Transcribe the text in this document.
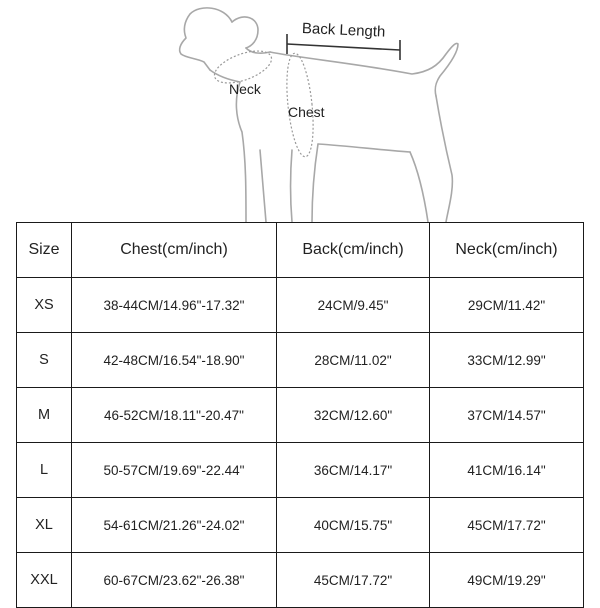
Back Length
Neck
Chest
Size	Chest(cm/inch)	Back(cm/inch)	Neck(cm/inch)
XS	38-44CM/14.96"-17.32"	24CM/9.45"	29CM/11.42"
S	42-48CM/16.54"-18.90"	28CM/11.02"	33CM/12.99"
M	46-52CM/18.11"-20.47"	32CM/12.60"	37CM/14.57"
L	50-57CM/19.69"-22.44"	36CM/14.17"	41CM/16.14"
XL	54-61CM/21.26"-24.02"	40CM/15.75"	45CM/17.72"
XXL	60-67CM/23.62"-26.38"	45CM/17.72"	49CM/19.29"
